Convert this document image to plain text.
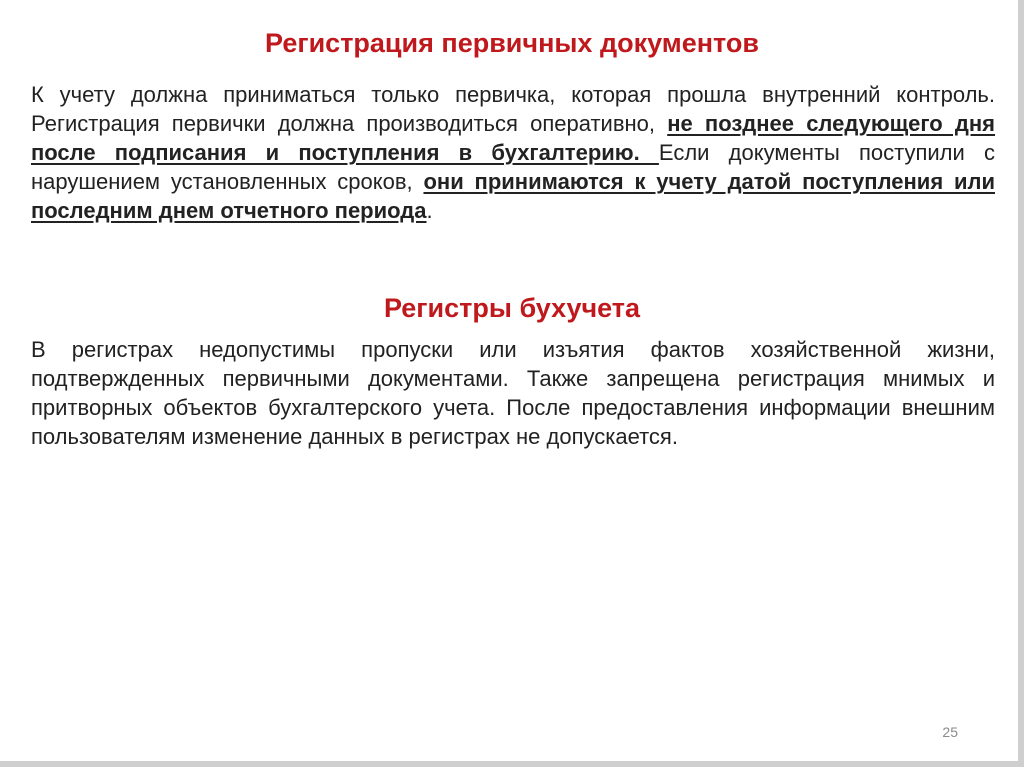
Регистрация первичных документов
К учету должна приниматься только первичка, которая прошла внутренний контроль. Регистрация первички должна производиться оперативно, не позднее следующего дня после подписания и поступления в бухгалтерию. Если документы поступили с нарушением установленных сроков, они принимаются к учету датой поступления или последним днем отчетного периода.
Регистры бухучета
В регистрах недопустимы пропуски или изъятия фактов хозяйственной жизни, подтвержденных первичными документами. Также запрещена регистрация мнимых и притворных объектов бухгалтерского учета. После предоставления информации внешним пользователям изменение данных в регистрах не допускается.
25
